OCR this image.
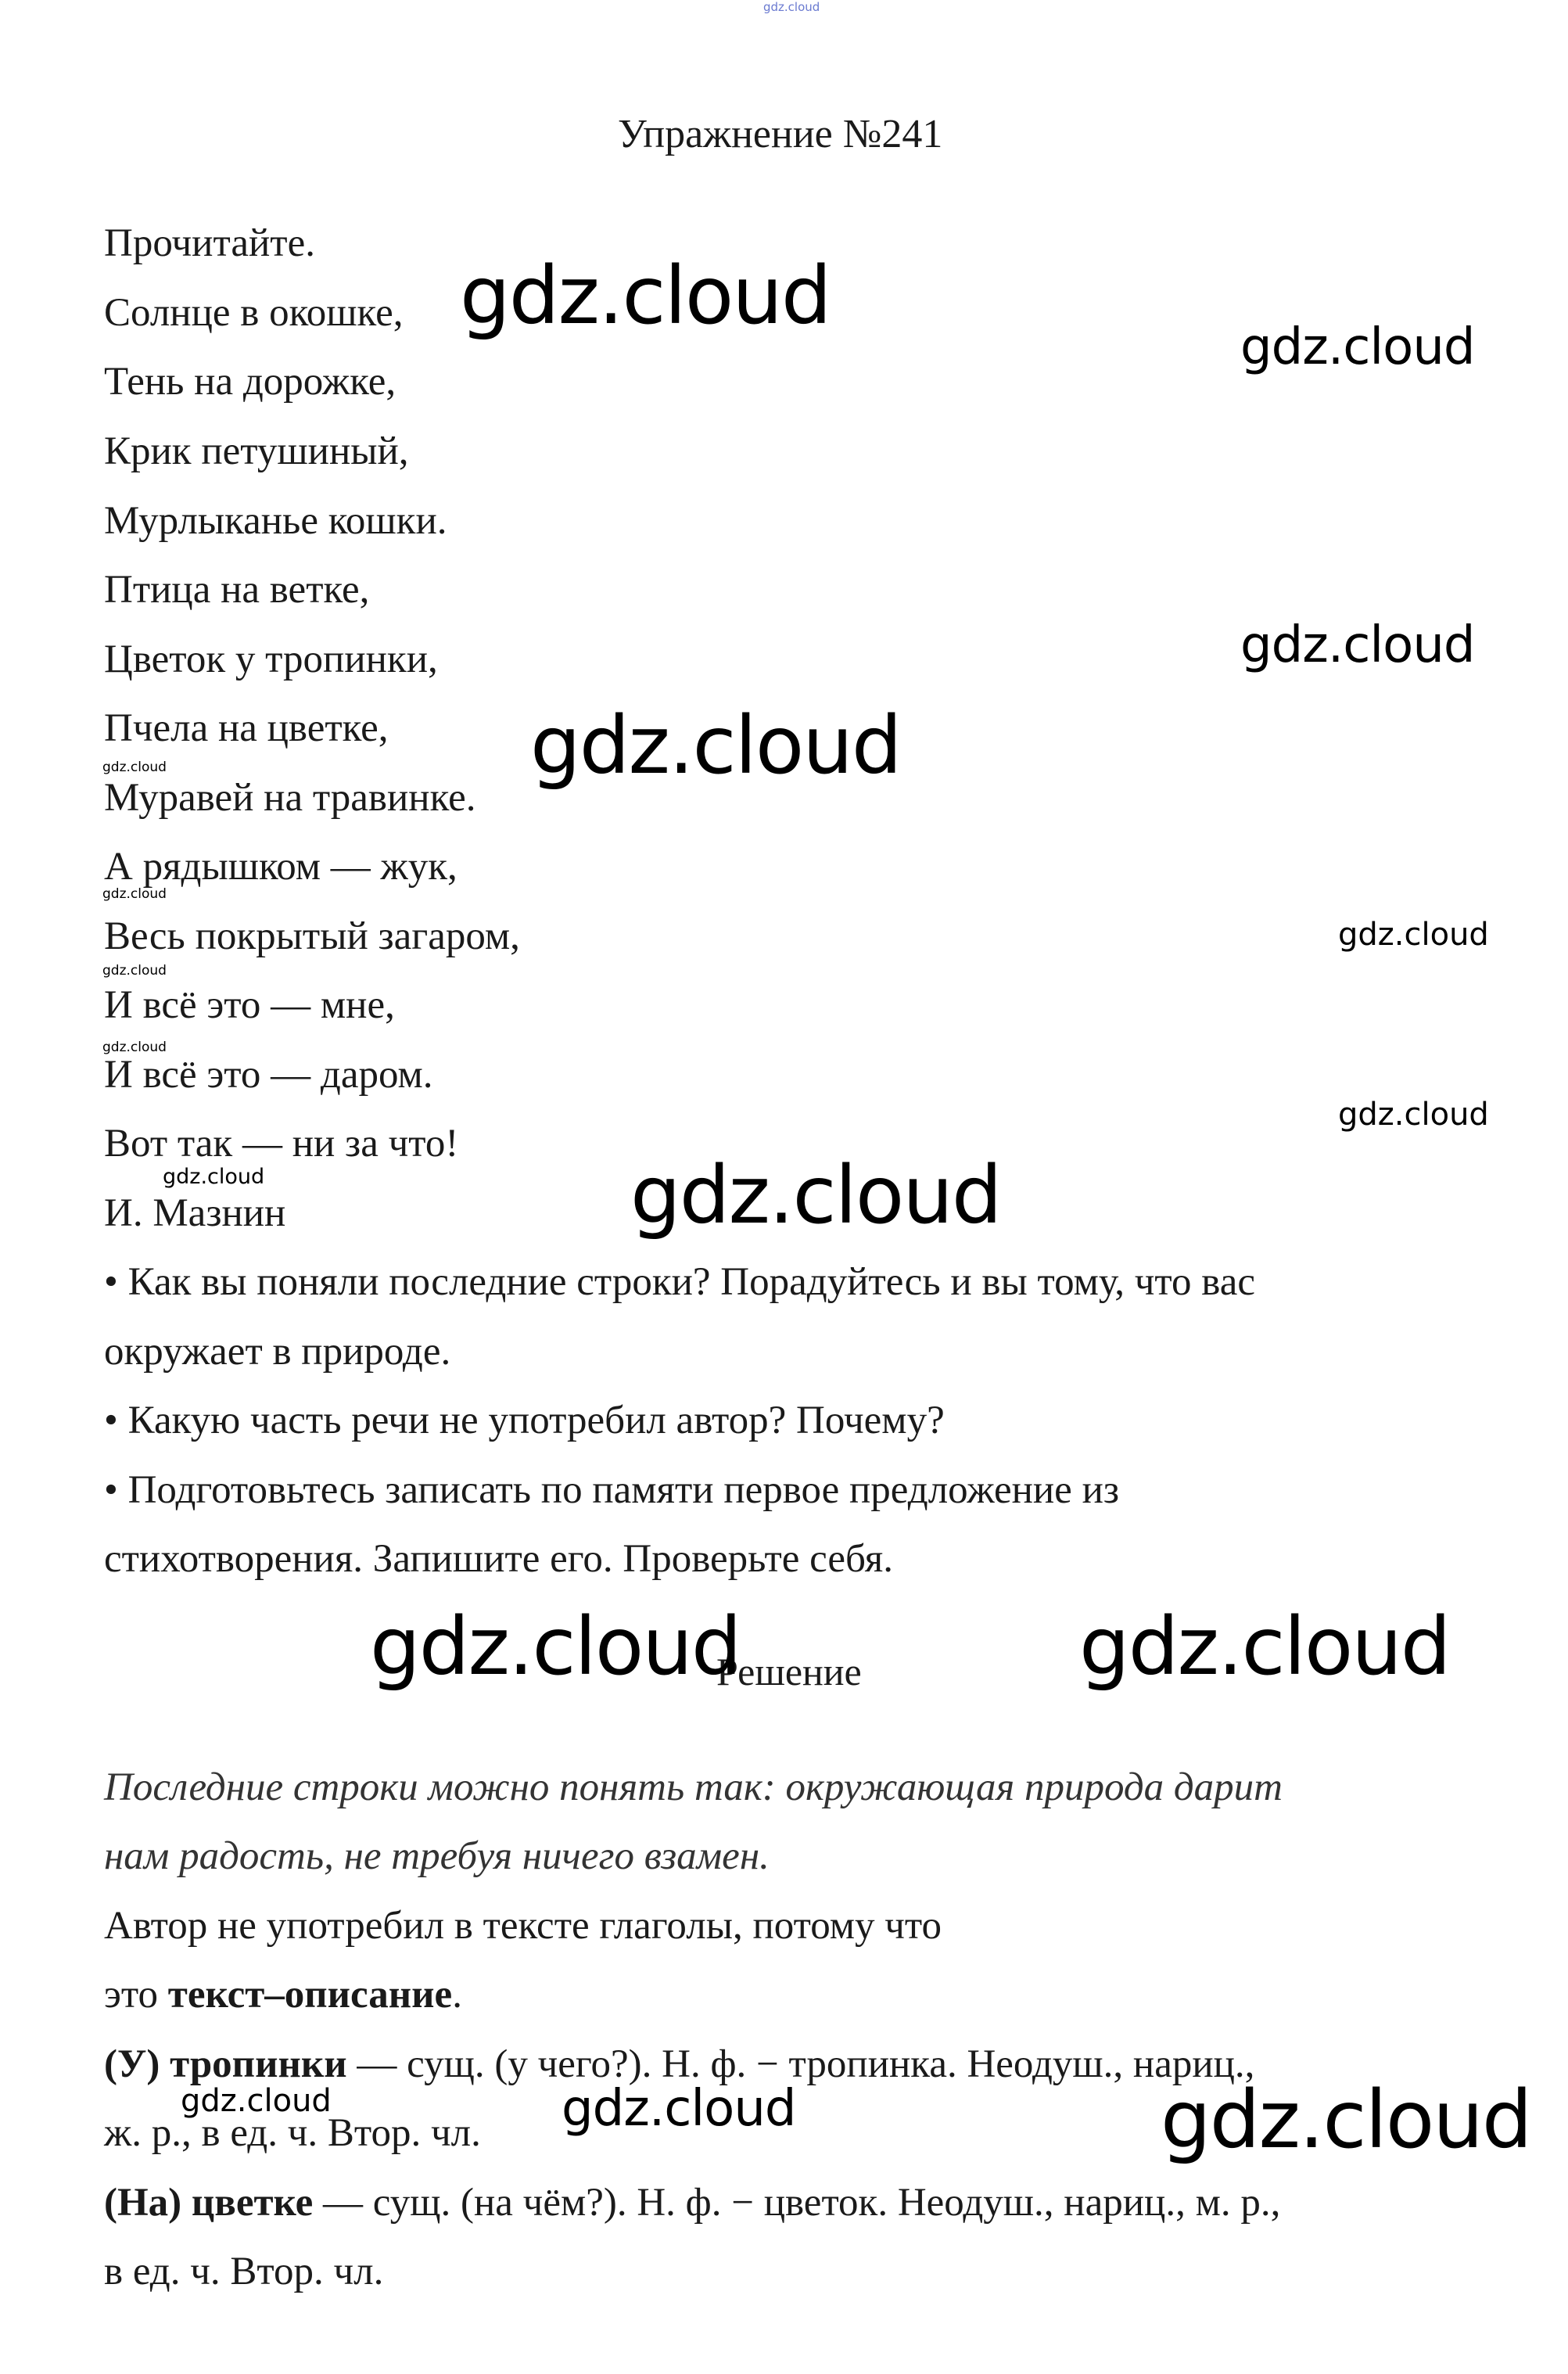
gdz.cloud
Упражнение №241
Прочитайте.
Солнце в окошке,
Тень на дорожке,
Крик петушиный,
Мурлыканье кошки.
Птица на ветке,
Цветок у тропинки,
Пчела на цветке,
Муравей на травинке.
А рядышком — жук,
Весь покрытый загаром,
И всё это — мне,
И всё это — даром.
Вот так — ни за что!
И. Мазнин
• Как вы поняли последние строки? Порадуйтесь и вы тому, что вас
окружает в природе.
• Какую часть речи не употребил автор? Почему?
• Подготовьтесь записать по памяти первое предложение из
стихотворения. Запишите его. Проверьте себя.
Решение
Последние строки можно понять так: окружающая природа дарит
нам радость, не требуя ничего взамен.
Автор не употребил в тексте глаголы, потому что
это текст–описание.
(У) тропинки — сущ. (у чего?). Н. ф. − тропинка. Неодуш., нариц.,
ж. р., в ед. ч. Втор. чл.
(На) цветке — сущ. (на чём?). Н. ф. − цветок. Неодуш., нариц., м. р.,
в ед. ч. Втор. чл.
gdz.cloud
gdz.cloud
gdz.cloud
gdz.cloud
gdz.cloud
gdz.cloud
gdz.cloud
gdz.cloud
gdz.cloud
gdz.cloud
gdz.cloud	gdz.cloud
gdz.cloud	gdz.cloud
gdz.cloud	gdz.cloud	gdz.cloud
